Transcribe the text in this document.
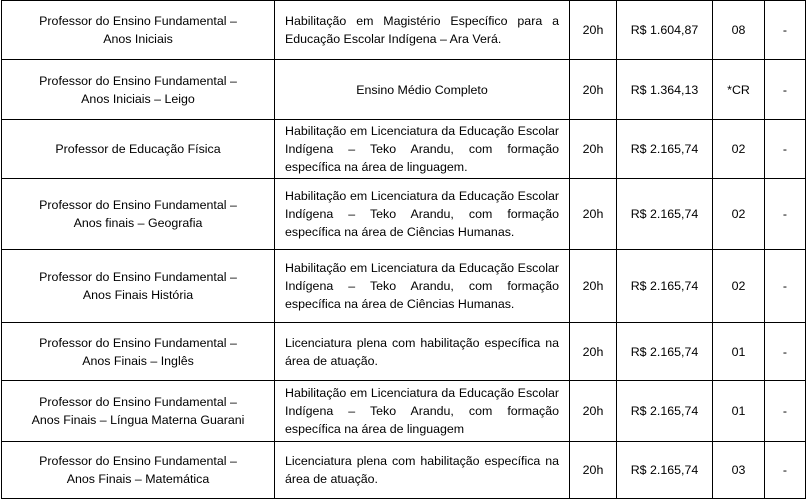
Professor do Ensino Fundamental –
Anos Iniciais	Habilitação em Magistério Específico para a Educação Escolar Indígena – Ara Verá.	20h	R$ 1.604,87	08	-
Professor do Ensino Fundamental –
Anos Iniciais – Leigo	Ensino Médio Completo	20h	R$ 1.364,13	*CR	-
Professor de Educação Física	Habilitação em Licenciatura da Educação Escolar Indígena – Teko Arandu, com formação específica na área de linguagem.	20h	R$ 2.165,74	02	-
Professor do Ensino Fundamental –
Anos finais – Geografia	Habilitação em Licenciatura da Educação Escolar Indígena – Teko Arandu, com formação específica na área de Ciências Humanas.	20h	R$ 2.165,74	02	-
Professor do Ensino Fundamental –
Anos Finais História	Habilitação em Licenciatura da Educação Escolar Indígena – Teko Arandu, com formação específica na área de Ciências Humanas.	20h	R$ 2.165,74	02	-
Professor do Ensino Fundamental –
Anos Finais – Inglês	Licenciatura plena com habilitação específica na área de atuação.	20h	R$ 2.165,74	01	-
Professor do Ensino Fundamental –
Anos Finais – Língua Materna Guarani	Habilitação em Licenciatura da Educação Escolar Indígena – Teko Arandu, com formação específica na área de linguagem	20h	R$ 2.165,74	01	-
Professor do Ensino Fundamental –
Anos Finais – Matemática	Licenciatura plena com habilitação específica na área de atuação.	20h	R$ 2.165,74	03	-
